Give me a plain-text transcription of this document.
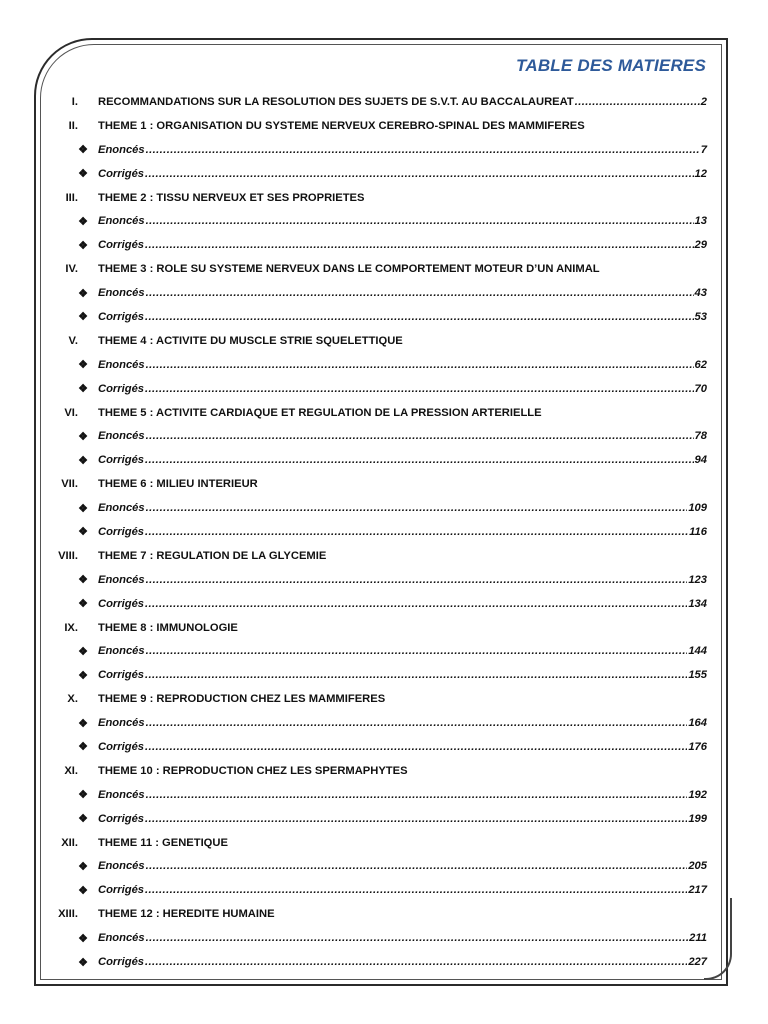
TABLE DES MATIERES
I. RECOMMANDATIONS SUR LA RESOLUTION DES SUJETS DE S.V.T. AU BACCALAUREAT .....	2
II. THEME 1 : ORGANISATION DU SYSTEME NERVEUX CEREBRO-SPINAL DES MAMMIFERES
❖ Enoncés .....	7
❖ Corrigés .....	12
III. THEME 2 : TISSU NERVEUX ET SES PROPRIETES
❖ Enoncés .....	13
❖ Corrigés .....	29
IV. THEME 3 : ROLE SU SYSTEME NERVEUX DANS LE COMPORTEMENT MOTEUR D’UN ANIMAL
❖ Enoncés .....	43
❖ Corrigés .....	53
V. THEME 4 : ACTIVITE DU MUSCLE STRIE SQUELETTIQUE
❖ Enoncés .....	62
❖ Corrigés .....	70
VI. THEME 5 : ACTIVITE CARDIAQUE ET REGULATION DE LA PRESSION ARTERIELLE
❖ Enoncés .....	78
❖ Corrigés .....	94
VII. THEME 6 : MILIEU INTERIEUR
❖ Enoncés .....	109
❖ Corrigés .....	116
VIII. THEME 7 : REGULATION DE LA GLYCEMIE
❖ Enoncés .....	123
❖ Corrigés .....	134
IX. THEME 8 : IMMUNOLOGIE
❖ Enoncés .....	144
❖ Corrigés .....	155
X. THEME 9 : REPRODUCTION CHEZ LES MAMMIFERES
❖ Enoncés .....	164
❖ Corrigés .....	176
XI. THEME 10 : REPRODUCTION CHEZ LES SPERMAPHYTES
❖ Enoncés .....	192
❖ Corrigés .....	199
XII. THEME 11 : GENETIQUE
❖ Enoncés .....	205
❖ Corrigés .....	217
XIII. THEME 12 : HEREDITE HUMAINE
❖ Enoncés .....	211
❖ Corrigés .....	227
